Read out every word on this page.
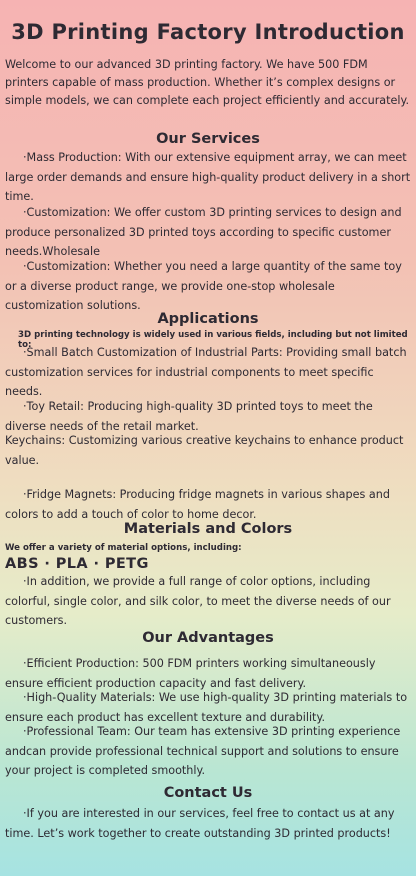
3D Printing Factory Introduction
Welcome to our advanced 3D printing factory. We have 500 FDM printers capable of mass production. Whether it’s complex designs or simple models, we can complete each project efficiently and accurately.
Our Services
·Mass Production: With our extensive equipment array, we can meet large order demands and ensure high-quality product delivery in a short time.
·Customization: We offer custom 3D printing services to design and produce personalized 3D printed toys according to specific customer needs.Wholesale
·Customization: Whether you need a large quantity of the same toy or a diverse product range, we provide one-stop wholesale customization solutions.
Applications
3D printing technology is widely used in various fields, including but not limited to:
·Small Batch Customization of Industrial Parts: Providing small batch customization services for industrial components to meet specific needs.
·Toy Retail: Producing high-quality 3D printed toys to meet the diverse needs of the retail market.
Keychains: Customizing various creative keychains to enhance product value.
·Fridge Magnets: Producing fridge magnets in various shapes and colors to add a touch of color to home decor.
Materials and Colors
We offer a variety of material options, including:
ABS · PLA · PETG
·In addition, we provide a full range of color options, including colorful, single color, and silk color, to meet the diverse needs of our customers.
Our Advantages
·Efficient Production: 500 FDM printers working simultaneously ensure efficient production capacity and fast delivery.
·High-Quality Materials: We use high-quality 3D printing materials to ensure each product has excellent texture and durability.
·Professional Team: Our team has extensive 3D printing experience andcan provide professional technical support and solutions to ensure your project is completed smoothly.
Contact Us
·If you are interested in our services, feel free to contact us at any time. Let’s work together to create outstanding 3D printed products!
